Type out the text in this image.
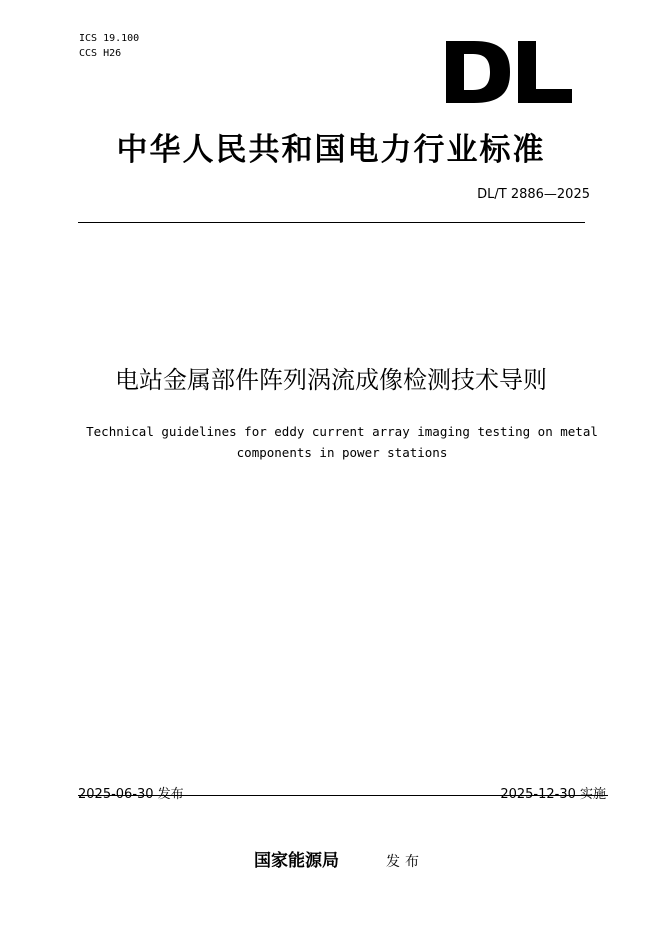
ICS 19.100
CCS H26
中华人民共和国电力行业标准
DL/T 2886—2025
电站金属部件阵列涡流成像检测技术导则
Technical guidelines for eddy current array imaging testing on metal components in power stations
2025-06-30 发布	2025-12-30 实施
国家能源局	发布
